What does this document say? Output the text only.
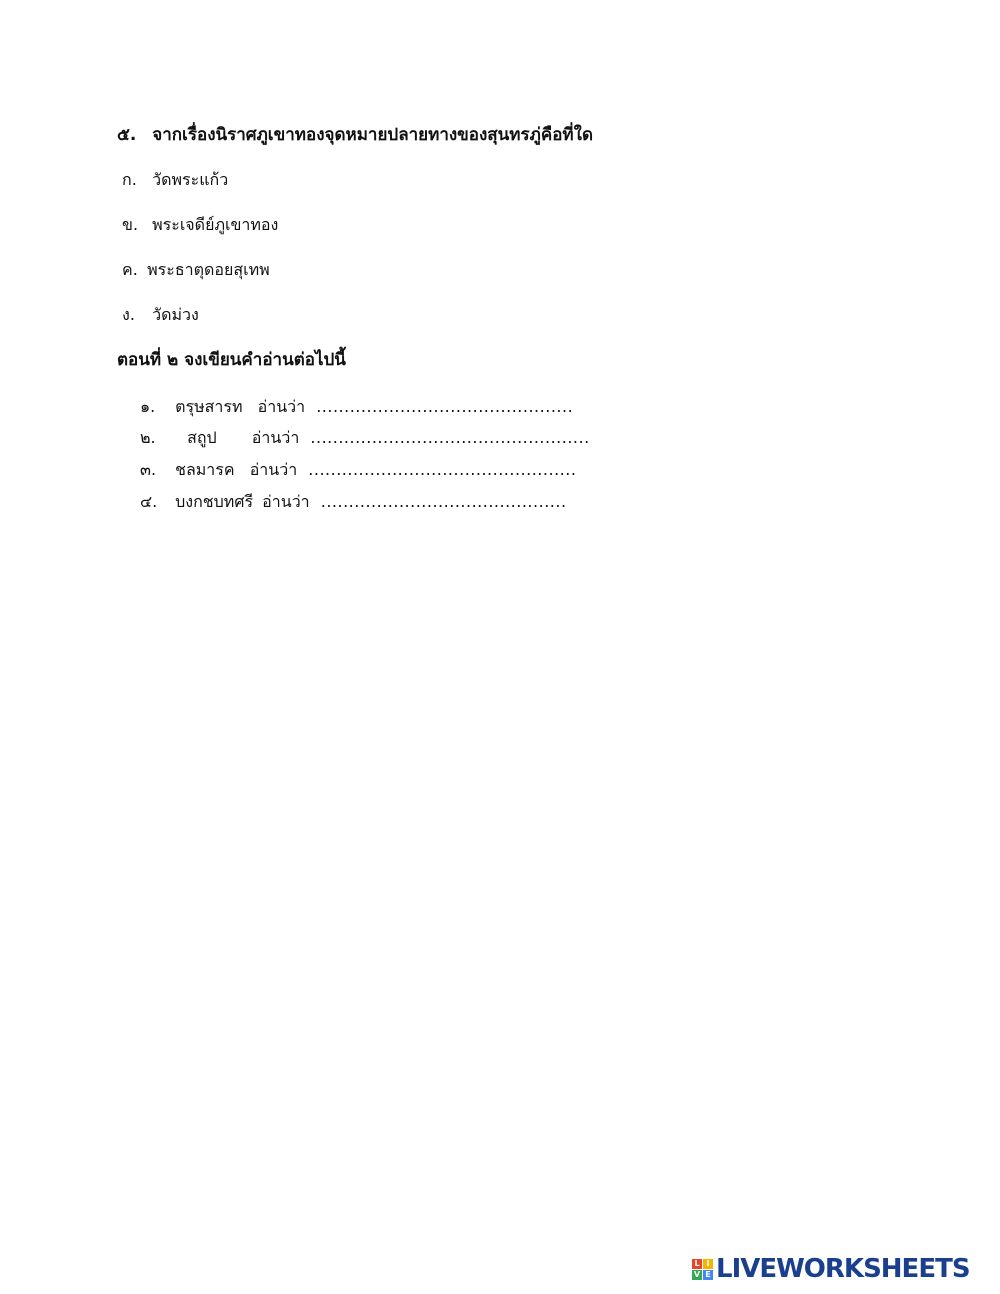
๕. จากเรื่องนิราศภูเขาทองจุดหมายปลายทางของสุนทรภู่คือที่ใด
ก. วัดพระแก้ว
ข. พระเจดีย์ภูเขาทอง
ค. พระธาตุดอยสุเทพ
ง. วัดม่วง
ตอนที่ ๒ จงเขียนคำอ่านต่อไปนี้
๑. ตรุษสารท อ่านว่า ..............................................
๒. สถูป อ่านว่า ..................................................
๓. ชลมารค อ่านว่า ................................................
๔. บงกชบทศรี อ่านว่า ............................................
L I
V E LIVEWORKSHEETS
